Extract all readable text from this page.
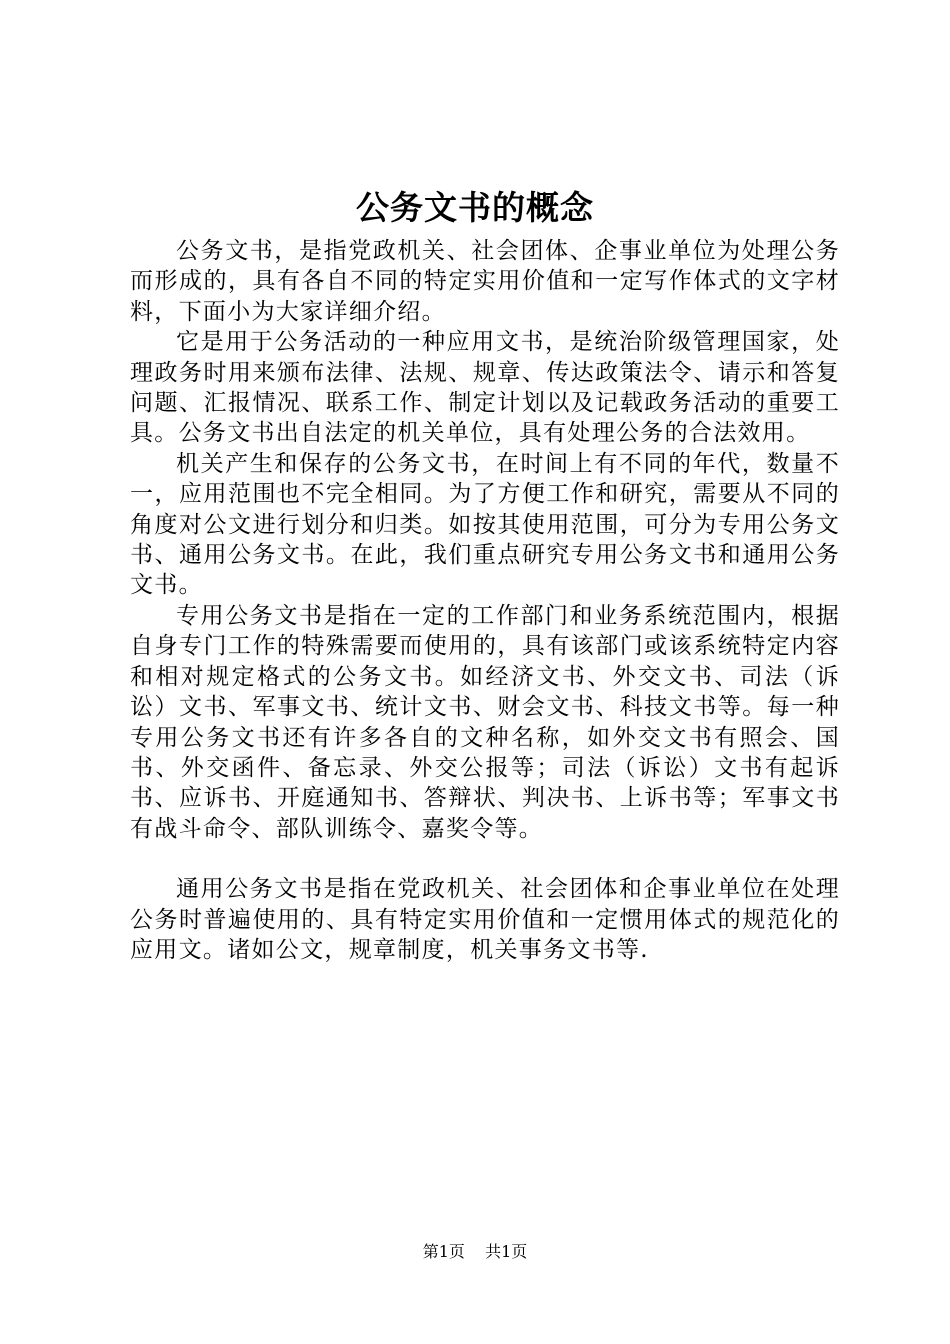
公务文书的概念

公务文书，是指党政机关、社会团体、企事业单位为处理公务而形成的，具有各自不同的特定实用价值和一定写作体式的文字材料，下面小为大家详细介绍。

它是用于公务活动的一种应用文书，是统治阶级管理国家，处理政务时用来颁布法律、法规、规章、传达政策法令、请示和答复问题、汇报情况、联系工作、制定计划以及记载政务活动的重要工具。公务文书出自法定的机关单位，具有处理公务的合法效用。

机关产生和保存的公务文书，在时间上有不同的年代，数量不一，应用范围也不完全相同。为了方便工作和研究，需要从不同的角度对公文进行划分和归类。如按其使用范围，可分为专用公务文书、通用公务文书。在此，我们重点研究专用公务文书和通用公务文书。

专用公务文书是指在一定的工作部门和业务系统范围内，根据自身专门工作的特殊需要而使用的，具有该部门或该系统特定内容和相对规定格式的公务文书。如经济文书、外交文书、司法（诉讼）文书、军事文书、统计文书、财会文书、科技文书等。每一种专用公务文书还有许多各自的文种名称，如外交文书有照会、国书、外交函件、备忘录、外交公报等；司法（诉讼）文书有起诉书、应诉书、开庭通知书、答辩状、判决书、上诉书等；军事文书有战斗命令、部队训练令、嘉奖令等。

通用公务文书是指在党政机关、社会团体和企事业单位在处理公务时普遍使用的、具有特定实用价值和一定惯用体式的规范化的应用文。诸如公文，规章制度，机关事务文书等.

第1页 共1页
